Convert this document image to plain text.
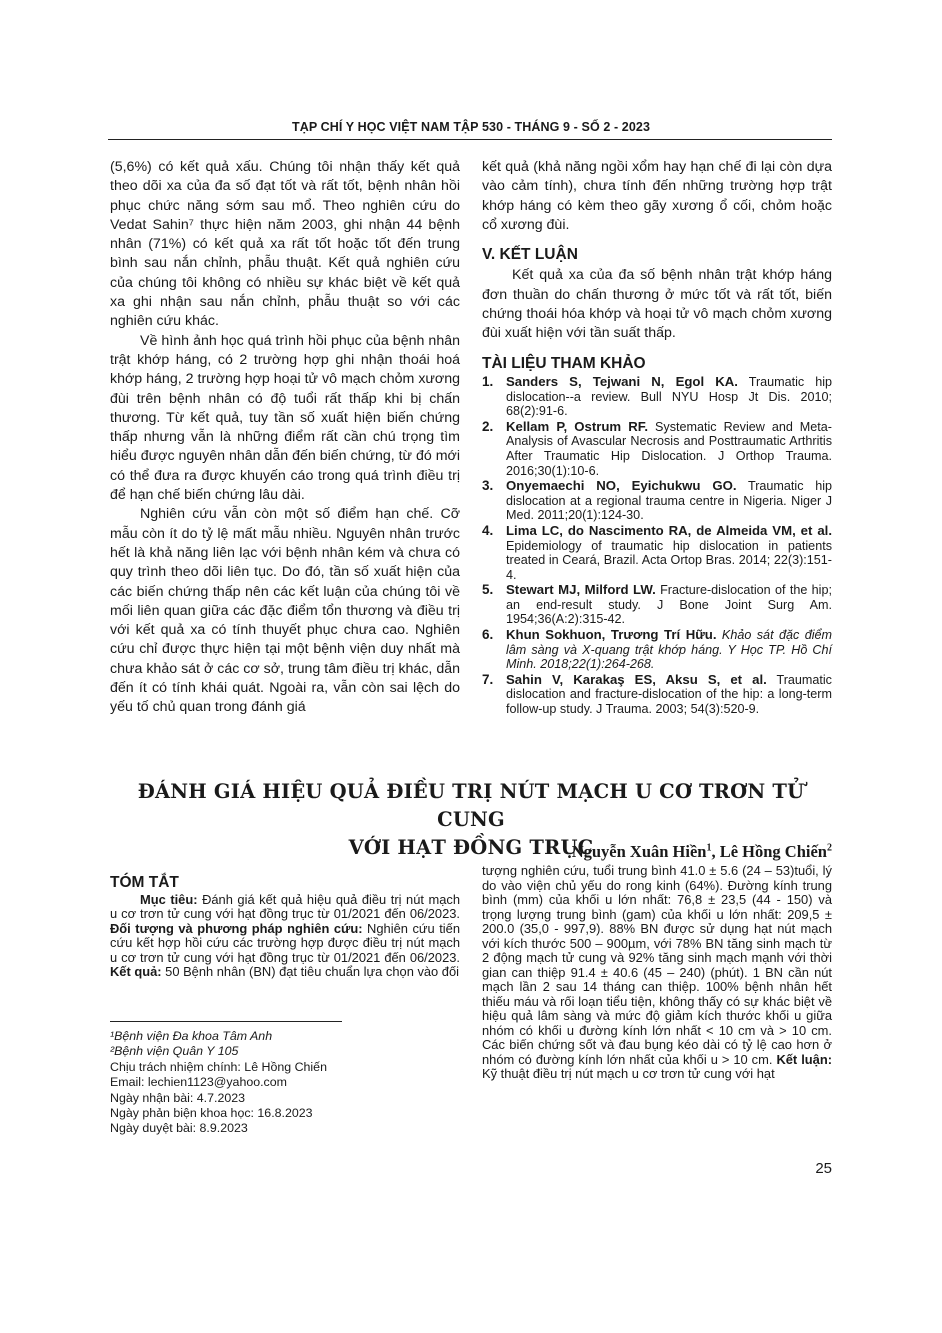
TẠP CHÍ Y HỌC VIỆT NAM TẬP 530 - THÁNG 9 - SỐ 2 - 2023

(5,6%) có kết quả xấu. Chúng tôi nhận thấy kết quả theo dõi xa của đa số đạt tốt và rất tốt, bệnh nhân hồi phục chức năng sớm sau mổ. Theo nghiên cứu do Vedat Sahin⁷ thực hiện năm 2003, ghi nhận 44 bệnh nhân (71%) có kết quả xa rất tốt hoặc tốt đến trung bình sau nắn chỉnh, phẫu thuật. Kết quả nghiên cứu của chúng tôi không có nhiều sự khác biệt về kết quả xa ghi nhận sau nắn chỉnh, phẫu thuật so với các nghiên cứu khác.

Về hình ảnh học quá trình hồi phục của bệnh nhân trật khớp háng, có 2 trường hợp ghi nhận thoái hoá khớp háng, 2 trường hợp hoại tử vô mạch chỏm xương đùi trên bệnh nhân có độ tuổi rất thấp khi bị chấn thương. Từ kết quả, tuy tần số xuất hiện biến chứng thấp nhưng vẫn là những điểm rất cần chú trọng tìm hiểu được nguyên nhân dẫn đến biến chứng, từ đó mới có thể đưa ra được khuyến cáo trong quá trình điều trị để hạn chế biến chứng lâu dài.

Nghiên cứu vẫn còn một số điểm hạn chế. Cỡ mẫu còn ít do tỷ lệ mất mẫu nhiều. Nguyên nhân trước hết là khả năng liên lạc với bệnh nhân kém và chưa có quy trình theo dõi liên tục. Do đó, tần số xuất hiện của các biến chứng thấp nên các kết luận của chúng tôi về mối liên quan giữa các đặc điểm tổn thương và điều trị với kết quả xa có tính thuyết phục chưa cao. Nghiên cứu chỉ được thực hiện tại một bệnh viện duy nhất mà chưa khảo sát ở các cơ sở, trung tâm điều trị khác, dẫn đến ít có tính khái quát. Ngoài ra, vẫn còn sai lệch do yếu tố chủ quan trong đánh giá

kết quả (khả năng ngồi xổm hay hạn chế đi lại còn dựa vào cảm tính), chưa tính đến những trường hợp trật khớp háng có kèm theo gãy xương ổ cối, chỏm hoặc cổ xương đùi.

V. KẾT LUẬN

Kết quả xa của đa số bệnh nhân trật khớp háng đơn thuần do chấn thương ở mức tốt và rất tốt, biến chứng thoái hóa khớp và hoại tử vô mạch chỏm xương đùi xuất hiện với tần suất thấp.

TÀI LIỆU THAM KHẢO
1. Sanders S, Tejwani N, Egol KA. Traumatic hip dislocation--a review. Bull NYU Hosp Jt Dis. 2010; 68(2):91-6.
2. Kellam P, Ostrum RF. Systematic Review and Meta-Analysis of Avascular Necrosis and Posttraumatic Arthritis After Traumatic Hip Dislocation. J Orthop Trauma. 2016;30(1):10-6.
3. Onyemaechi NO, Eyichukwu GO. Traumatic hip dislocation at a regional trauma centre in Nigeria. Niger J Med. 2011;20(1):124-30.
4. Lima LC, do Nascimento RA, de Almeida VM, et al. Epidemiology of traumatic hip dislocation in patients treated in Ceará, Brazil. Acta Ortop Bras. 2014; 22(3):151-4.
5. Stewart MJ, Milford LW. Fracture-dislocation of the hip; an end-result study. J Bone Joint Surg Am. 1954;36(A:2):315-42.
6. Khun Sokhuon, Trương Trí Hữu. Khảo sát đặc điểm lâm sàng và X-quang trật khớp háng. Y Học TP. Hồ Chí Minh. 2018;22(1):264-268.
7. Sahin V, Karakaş ES, Aksu S, et al. Traumatic dislocation and fracture-dislocation of the hip: a long-term follow-up study. J Trauma. 2003; 54(3):520-9.
ĐÁNH GIÁ HIỆU QUẢ ĐIỀU TRỊ NÚT MẠCH U CƠ TRƠN TỬ CUNG
VỚI HẠT ĐỒNG TRỤC
Nguyễn Xuân Hiền$^1$, Lê Hồng Chiến$^2$
TÓM TẮT
Mục tiêu: Đánh giá kết quả hiệu quả điều trị nút mạch u cơ trơn tử cung với hạt đồng trục từ 01/2021 đến 06/2023. Đối tượng và phương pháp nghiên cứu: Nghiên cứu tiến cứu kết hợp hồi cứu các trường hợp được điều trị nút mạch u cơ trơn tử cung với hạt đồng trục từ 01/2021 đến 06/2023. Kết quả: 50 Bệnh nhân (BN) đạt tiêu chuẩn lựa chọn vào đối
tượng nghiên cứu, tuổi trung bình 41.0 ± 5.6 (24 – 53)tuổi, lý do vào viện chủ yếu do rong kinh (64%). Đường kính trung bình (mm) của khối u lớn nhất: 76,8 ± 23,5 (44 - 150) và trọng lượng trung bình (gam) của khối u lớn nhất: 209,5 ± 200.0 (35,0 - 997,9). 88% BN được sử dụng hạt nút mạch với kích thước 500 – 900µm, với 78% BN tăng sinh mạch từ 2 động mạch tử cung và 92% tăng sinh mạch mạnh với thời gian can thiệp 91.4 ± 40.6 (45 – 240) (phút). 1 BN cần nút mạch lần 2 sau 14 tháng can thiệp. 100% bệnh nhân hết thiếu máu và rối loạn tiểu tiện, không thấy có sự khác biệt về hiệu quả lâm sàng và mức độ giảm kích thước khối u giữa nhóm có khối u đường kính lớn nhất < 10 cm và > 10 cm. Các biến chứng sốt và đau bụng kéo dài có tỷ lệ cao hơn ở nhóm có đường kính lớn nhất của khối u > 10 cm. Kết luận: Kỹ thuật điều trị nút mạch u cơ trơn tử cung với hạt
¹Bệnh viện Đa khoa Tâm Anh
²Bệnh viện Quân Y 105
Chịu trách nhiệm chính: Lê Hồng Chiến
Email: lechien1123@yahoo.com
Ngày nhận bài: 4.7.2023
Ngày phản biện khoa học: 16.8.2023
Ngày duyệt bài: 8.9.2023
25
